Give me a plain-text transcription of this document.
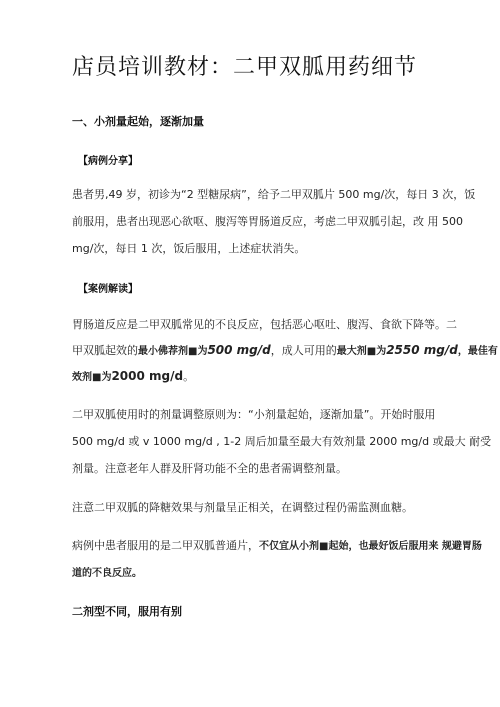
店员培训教材：二甲双胍用药细节
一、小剂量起始，逐渐加量
【病例分享】
患者男,49 岁，初诊为“2 型糖尿病”，给予二甲双胍片 500 mg/次，每日 3 次，饭
前服用，患者出现恶心欲呕、腹泻等胃肠道反应，考虑二甲双胍引起，改 用 500
mg/次，每日 1 次，饭后服用，上述症状消失。
【案例解读】
胃肠道反应是二甲双胍常见的不良反应，包括恶心呕吐、腹泻、食欲下降等。二
甲双胍起效的最小佛荐剂■为500 mg/d，成人可用的最大剂■为2550 mg/d，最佳有
效剂■为2000 mg/d。
二甲双胍使用时的剂量调整原则为：“小剂量起始，逐渐加量”。开始时服用
500 mg/d 或 v 1000 mg/d , 1-2 周后加量至最大有效剂量 2000 mg/d 或最大 耐受
剂量。注意老年人群及肝肾功能不全的患者需调整剂量。
注意二甲双胍的降糖效果与剂量呈正相关，在调整过程仍需监测血糖。
病例中患者服用的是二甲双胍普通片，不仅宜从小剂■起始，也最好饭后服用来 规避胃肠
道的不良反应。
二剂型不同，服用有别
